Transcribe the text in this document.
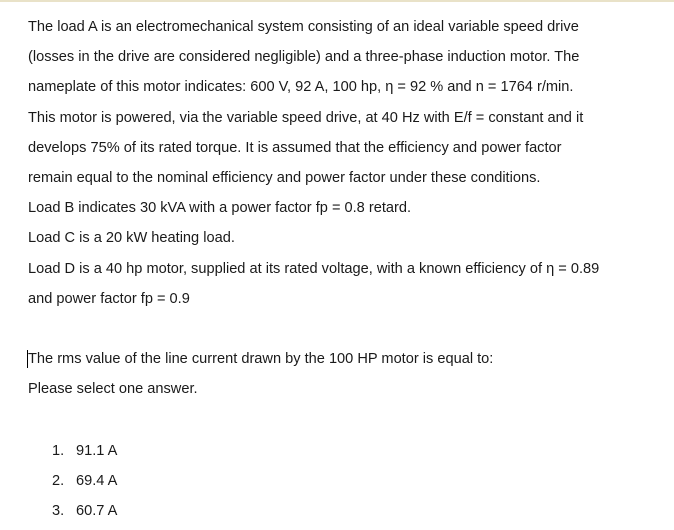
The load A is an electromechanical system consisting of an ideal variable speed drive
(losses in the drive are considered negligible) and a three-phase induction motor. The
nameplate of this motor indicates: 600 V, 92 A, 100 hp, η = 92 % and n = 1764 r/min.
This motor is powered, via the variable speed drive, at 40 Hz with E/f = constant and it
develops 75% of its rated torque. It is assumed that the efficiency and power factor
remain equal to the nominal efficiency and power factor under these conditions.
Load B indicates 30 kVA with a power factor fp = 0.8 retard.
Load C is a 20 kW heating load.
Load D is a 40 hp motor, supplied at its rated voltage, with a known efficiency of η = 0.89
and power factor fp = 0.9
The rms value of the line current drawn by the 100 HP motor is equal to:
Please select one answer.
1. 91.1 A
2. 69.4 A
3. 60.7 A
